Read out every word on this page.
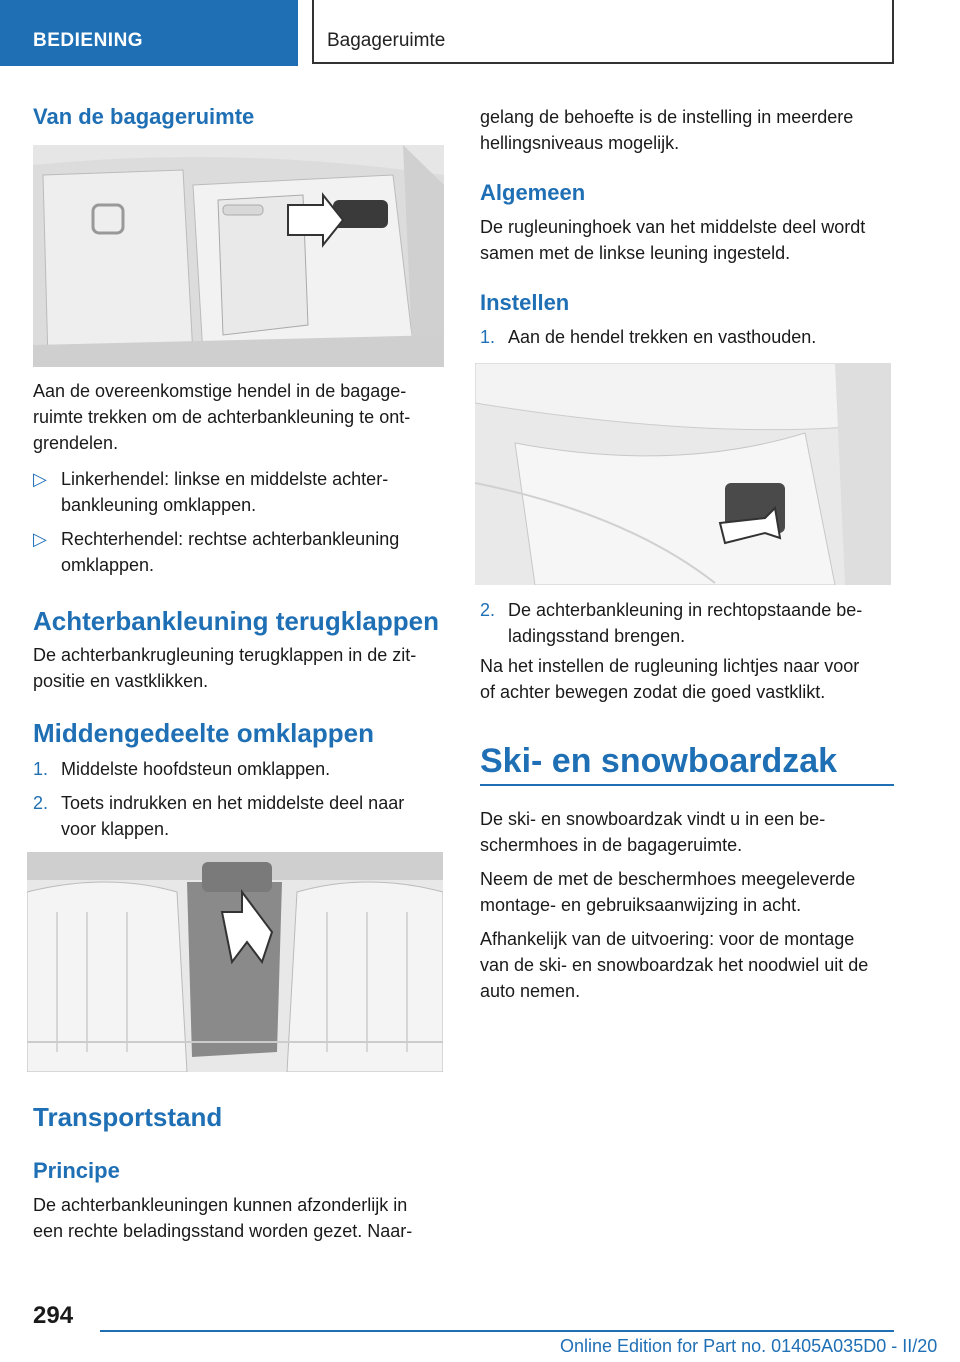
BEDIENING	Bagageruimte
Van de bagageruimte

Aan de overeenkomstige hendel in de bagage-
ruimte trekken om de achterbankleuning te ont-
grendelen.

▷ Linkerhendel: linkse en middelste achter-
bankleuning omklappen.
▷ Rechterhendel: rechtse achterbankleuning
omklappen.
Achterbankleuning terugklappen

De achterbankrugleuning terugklappen in de zit-
positie en vastklikken.

Middengedeelte omklappen
1. Middelste hoofdsteun omklappen.
2. Toets indrukken en het middelste deel naar
voor klappen.
Transportstand
Principe

De achterbankleuningen kunnen afzonderlijk in
een rechte beladingsstand worden gezet. Naar-

gelang de behoefte is de instelling in meerdere
hellingsniveaus mogelijk.

Algemeen

De rugleuninghoek van het middelste deel wordt
samen met de linkse leuning ingesteld.

Instellen
1. Aan de hendel trekken en vasthouden.
2. De achterbankleuning in rechtopstaande be-
ladingsstand brengen.

Na het instellen de rugleuning lichtjes naar voor
of achter bewegen zodat die goed vastklikt.

Ski- en snowboardzak

De ski- en snowboardzak vindt u in een be-
schermhoes in de bagageruimte.

Neem de met de beschermhoes meegeleverde
montage- en gebruiksaanwijzing in acht.

Afhankelijk van de uitvoering: voor de montage
van de ski- en snowboardzak het noodwiel uit de
auto nemen.

294
Online Edition for Part no. 01405A035D0 - II/20
